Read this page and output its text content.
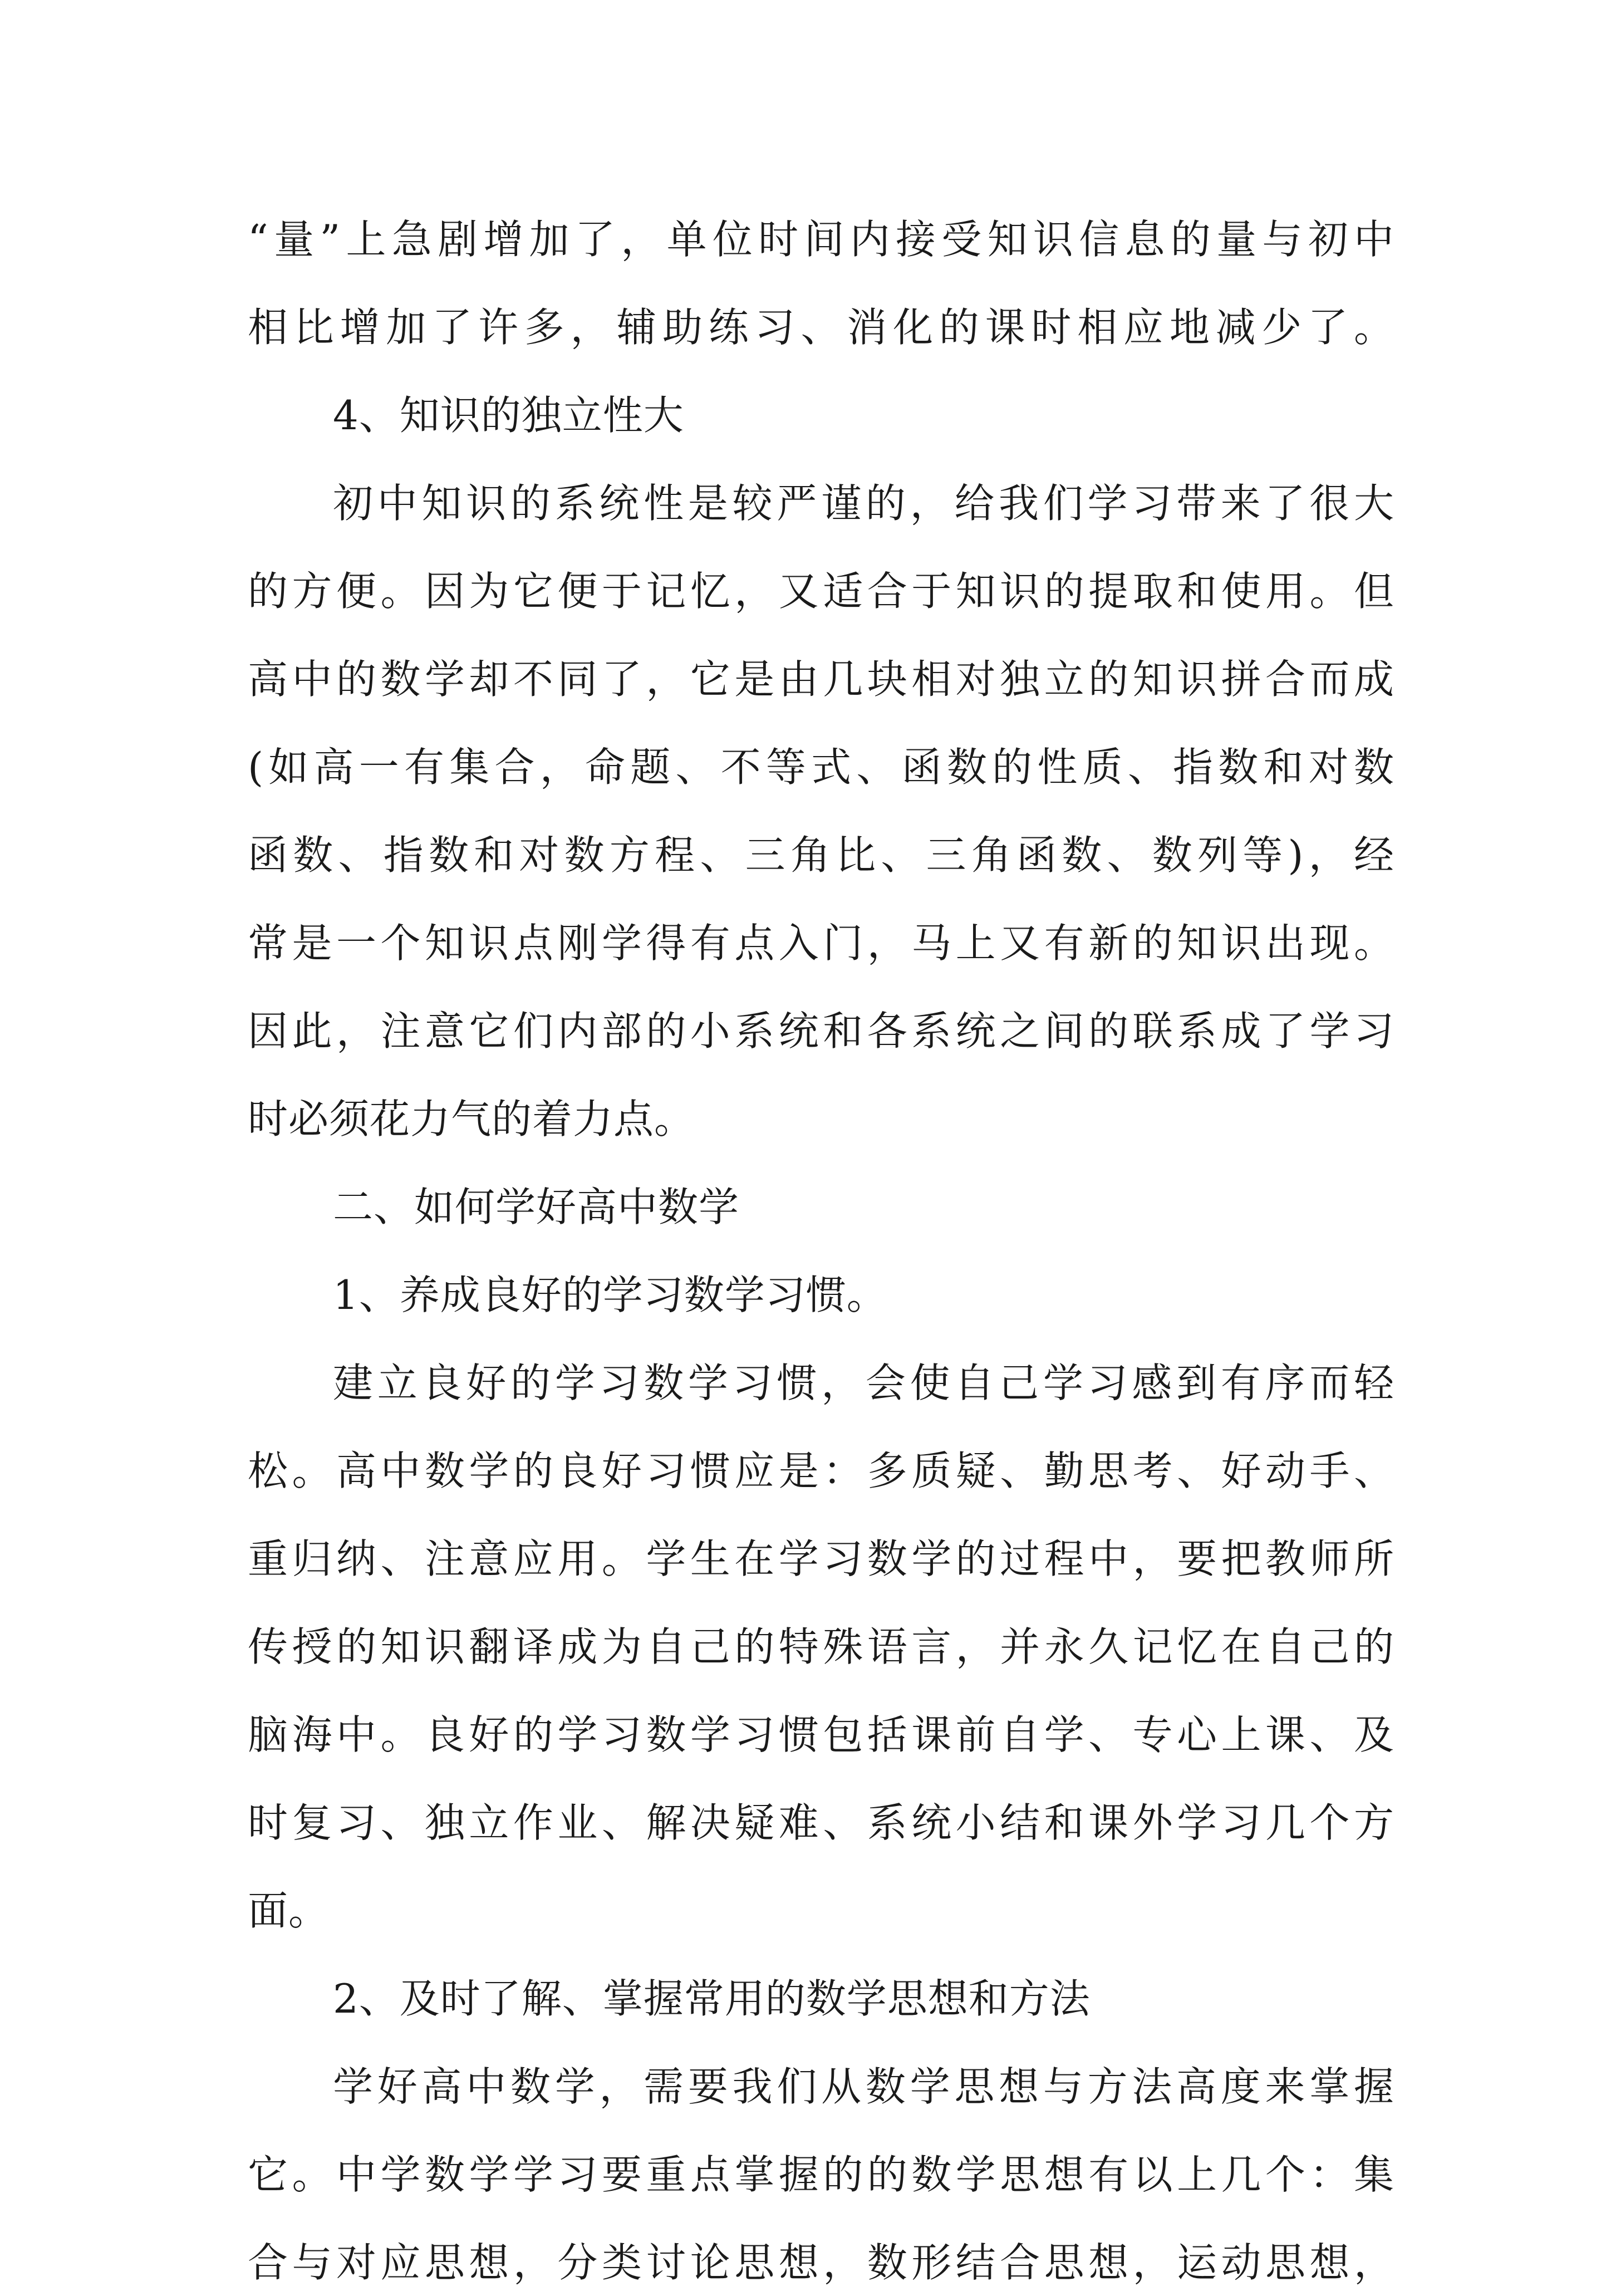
“量”上急剧增加了，单位时间内接受知识信息的量与初中
相比增加了许多，辅助练习、消化的课时相应地减少了。
4、知识的独立性大
初中知识的系统性是较严谨的，给我们学习带来了很大
的方便。因为它便于记忆，又适合于知识的提取和使用。但
高中的数学却不同了，它是由几块相对独立的知识拼合而成
(如高一有集合，命题、不等式、函数的性质、指数和对数
函数、指数和对数方程、三角比、三角函数、数列等)，经
常是一个知识点刚学得有点入门，马上又有新的知识出现。
因此，注意它们内部的小系统和各系统之间的联系成了学习
时必须花力气的着力点。
二、如何学好高中数学
1、养成良好的学习数学习惯。
建立良好的学习数学习惯，会使自己学习感到有序而轻
松。高中数学的良好习惯应是：多质疑、勤思考、好动手、
重归纳、注意应用。学生在学习数学的过程中，要把教师所
传授的知识翻译成为自己的特殊语言，并永久记忆在自己的
脑海中。良好的学习数学习惯包括课前自学、专心上课、及
时复习、独立作业、解决疑难、系统小结和课外学习几个方
面。
2、及时了解、掌握常用的数学思想和方法
学好高中数学，需要我们从数学思想与方法高度来掌握
它。中学数学学习要重点掌握的的数学思想有以上几个：集
合与对应思想，分类讨论思想，数形结合思想，运动思想，
